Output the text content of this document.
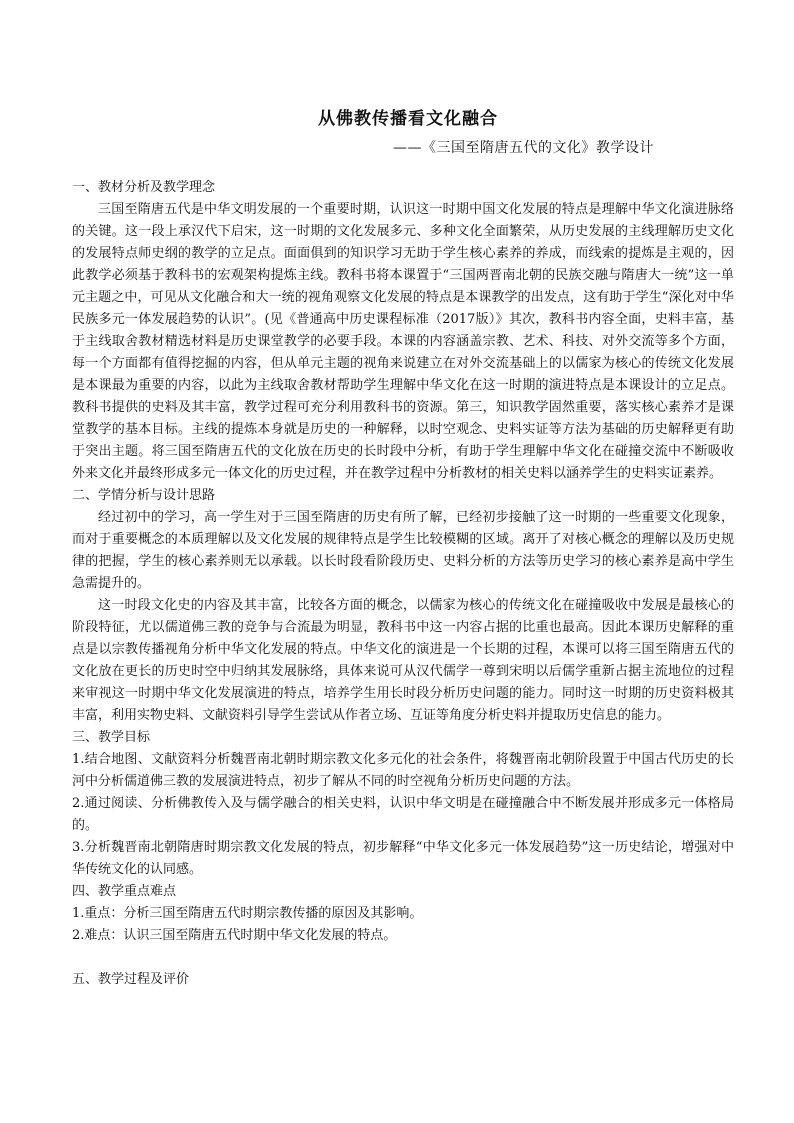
从佛教传播看文化融合
——《三国至隋唐五代的文化》教学设计

一、教材分析及教学理念

三国至隋唐五代是中华文明发展的一个重要时期，认识这一时期中国文化发展的特点是理解中华文化演进脉络的关键。这一段上承汉代下启宋，这一时期的文化发展多元、多种文化全面繁荣，从历史发展的主线理解历史文化的发展特点师史纲的教学的立足点。面面俱到的知识学习无助于学生核心素养的养成，而线索的提炼是主观的，因此教学必须基于教科书的宏观架构提炼主线。教科书将本课置于“三国两晋南北朝的民族交融与隋唐大一统”这一单元主题之中，可见从文化融合和大一统的视角观察文化发展的特点是本课教学的出发点，这有助于学生“深化对中华民族多元一体发展趋势的认识”。(见《普通高中历史课程标准（2017版）》其次，教科书内容全面，史料丰富，基于主线取舍教材精选材料是历史课堂教学的必要手段。本课的内容涵盖宗教、艺术、科技、对外交流等多个方面，每一个方面都有值得挖掘的内容，但从单元主题的视角来说建立在对外交流基础上的以儒家为核心的传统文化发展是本课最为重要的内容，以此为主线取舍教材帮助学生理解中华文化在这一时期的演进特点是本课设计的立足点。教科书提供的史料及其丰富，教学过程可充分利用教科书的资源。第三，知识教学固然重要，落实核心素养才是课堂教学的基本目标。主线的提炼本身就是历史的一种解释，以时空观念、史料实证等方法为基础的历史解释更有助于突出主题。将三国至隋唐五代的文化放在历史的长时段中分析，有助于学生理解中华文化在碰撞交流中不断吸收外来文化并最终形成多元一体文化的历史过程，并在教学过程中分析教材的相关史料以涵养学生的史料实证素养。

二、学情分析与设计思路

经过初中的学习，高一学生对于三国至隋唐的历史有所了解，已经初步接触了这一时期的一些重要文化现象，而对于重要概念的本质理解以及文化发展的规律特点是学生比较模糊的区域。离开了对核心概念的理解以及历史规律的把握，学生的核心素养则无以承载。以长时段看阶段历史、史料分析的方法等历史学习的核心素养是高中学生急需提升的。

这一时段文化史的内容及其丰富，比较各方面的概念，以儒家为核心的传统文化在碰撞吸收中发展是最核心的阶段特征，尤以儒道佛三教的竞争与合流最为明显，教科书中这一内容占据的比重也最高。因此本课历史解释的重点是以宗教传播视角分析中华文化发展的特点。中华文化的演进是一个长期的过程，本课可以将三国至隋唐五代的文化放在更长的历史时空中归纳其发展脉络，具体来说可从汉代儒学一尊到宋明以后儒学重新占据主流地位的过程来审视这一时期中华文化发展演进的特点，培养学生用长时段分析历史问题的能力。同时这一时期的历史资料极其丰富，利用实物史料、文献资料引导学生尝试从作者立场、互证等角度分析史料并提取历史信息的能力。

三、教学目标

1.结合地图、文献资料分析魏晋南北朝时期宗教文化多元化的社会条件，将魏晋南北朝阶段置于中国古代历史的长河中分析儒道佛三教的发展演进特点，初步了解从不同的时空视角分析历史问题的方法。

2.通过阅读、分析佛教传入及与儒学融合的相关史料，认识中华文明是在碰撞融合中不断发展并形成多元一体格局的。

3.分析魏晋南北朝隋唐时期宗教文化发展的特点，初步解释“中华文化多元一体发展趋势”这一历史结论，增强对中华传统文化的认同感。

四、教学重点难点

1.重点：分析三国至隋唐五代时期宗教传播的原因及其影响。

2.难点：认识三国至隋唐五代时期中华文化发展的特点。

五、教学过程及评价
